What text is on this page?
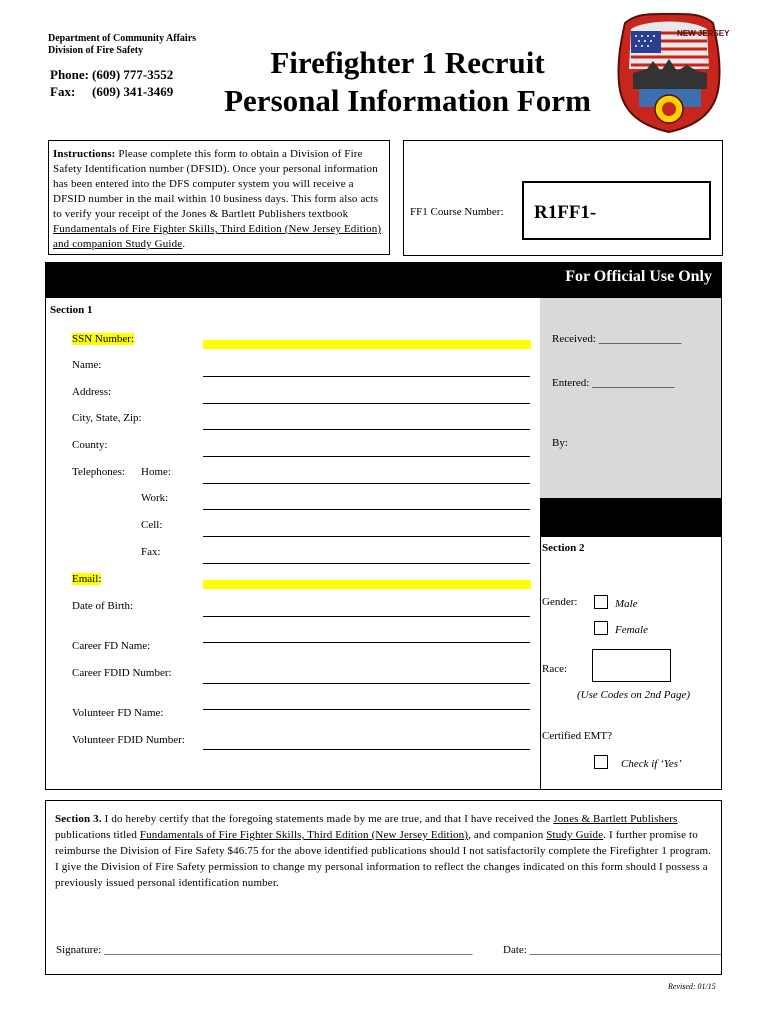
Department of Community Affairs
Division of Fire Safety
Phone: (609) 777-3552
Fax: (609) 341-3469
Firefighter 1 Recruit
Personal Information Form
NEW JERSEY
Instructions: Please complete this form to obtain a Division of Fire Safety Identification number (DFSID). Once your personal information has been entered into the DFS computer system you will receive a DFSID number in the mail within 10 business days. This form also acts to verify your receipt of the Jones & Bartlett Publishers textbook Fundamentals of Fire Fighter Skills, Third Edition (New Jersey Edition) and companion Study Guide.
FF1 Course Number:	R1FF1-
For Official Use Only
Received: _______________
Entered: _______________
By:
Section 1
SSN Number:
Name:
Address:
City, State, Zip:
County:
Telephones: Home:
Work:
Cell:
Fax:
Email:
Date of Birth:
Career FD Name:
Career FDID Number:
Volunteer FD Name:
Volunteer FDID Number:
Section 2
Gender:	Male
Female
Race:
(Use Codes on 2nd Page)
Certified EMT?
Check if ‘Yes’
Section 3. I do hereby certify that the foregoing statements made by me are true, and that I have received the Jones & Bartlett Publishers publications titled Fundamentals of Fire Fighter Skills, Third Edition (New Jersey Edition), and companion Study Guide. I further promise to reimburse the Division of Fire Safety $46.75 for the above identified publications should I not satisfactorily complete the Firefighter 1 program. I give the Division of Fire Safety permission to change my personal information to reflect the changes indicated on this form should I possess a previously issued personal identification number.
Signature: ___________________________________________________________________	Date: ___________________________________
Revised: 01/15
